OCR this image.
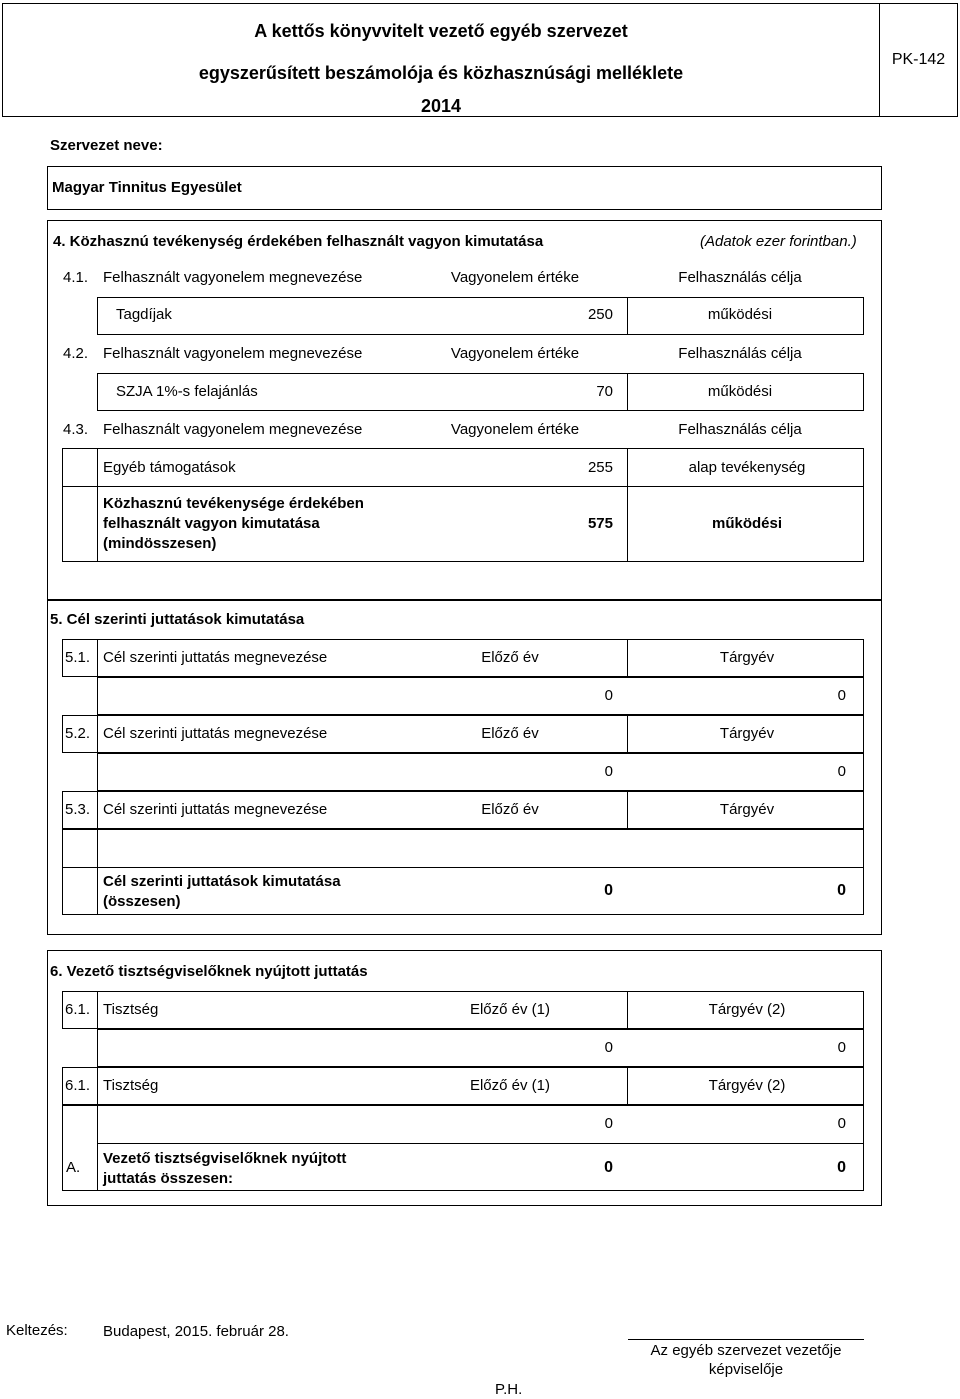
A kettős könyvvitelt vezető egyéb szervezet
egyszerűsített beszámolója és közhasznúsági melléklete
2014
PK-142
Szervezet neve:
Magyar Tinnitus Egyesület
4. Közhasznú tevékenység érdekében felhasznált vagyon kimutatása	(Adatok ezer forintban.)
4.1. Felhasznált vagyonelem megnevezése	Vagyonelem értéke	Felhasználás célja
Tagdíjak	250	működési
4.2. Felhasznált vagyonelem megnevezése	Vagyonelem értéke	Felhasználás célja
SZJA 1%-s felajánlás	70	működési
4.3. Felhasznált vagyonelem megnevezése	Vagyonelem értéke	Felhasználás célja
Egyéb támogatások	255	alap tevékenység
Közhasznú tevékenysége érdekében
felhasznált vagyon kimutatása
(mindösszesen)
575	működési
5. Cél szerinti juttatások kimutatása
5.1. Cél szerinti juttatás megnevezése	Előző év	Tárgyév
0	0
5.2. Cél szerinti juttatás megnevezése	Előző év	Tárgyév
0	0
5.3. Cél szerinti juttatás megnevezése	Előző év	Tárgyév
Cél szerinti juttatások kimutatása
(összesen)
0	0
6. Vezető tisztségviselőknek nyújtott juttatás
6.1. Tisztség	Előző év (1)	Tárgyév (2)
0	0
6.1. Tisztség	Előző év (1)	Tárgyév (2)
0	0
A.
Vezető tisztségviselőknek nyújtott
juttatás összesen:
0	0
Keltezés: Budapest, 2015. február 28.
Az egyéb szervezet vezetője
képviselője
P.H.
